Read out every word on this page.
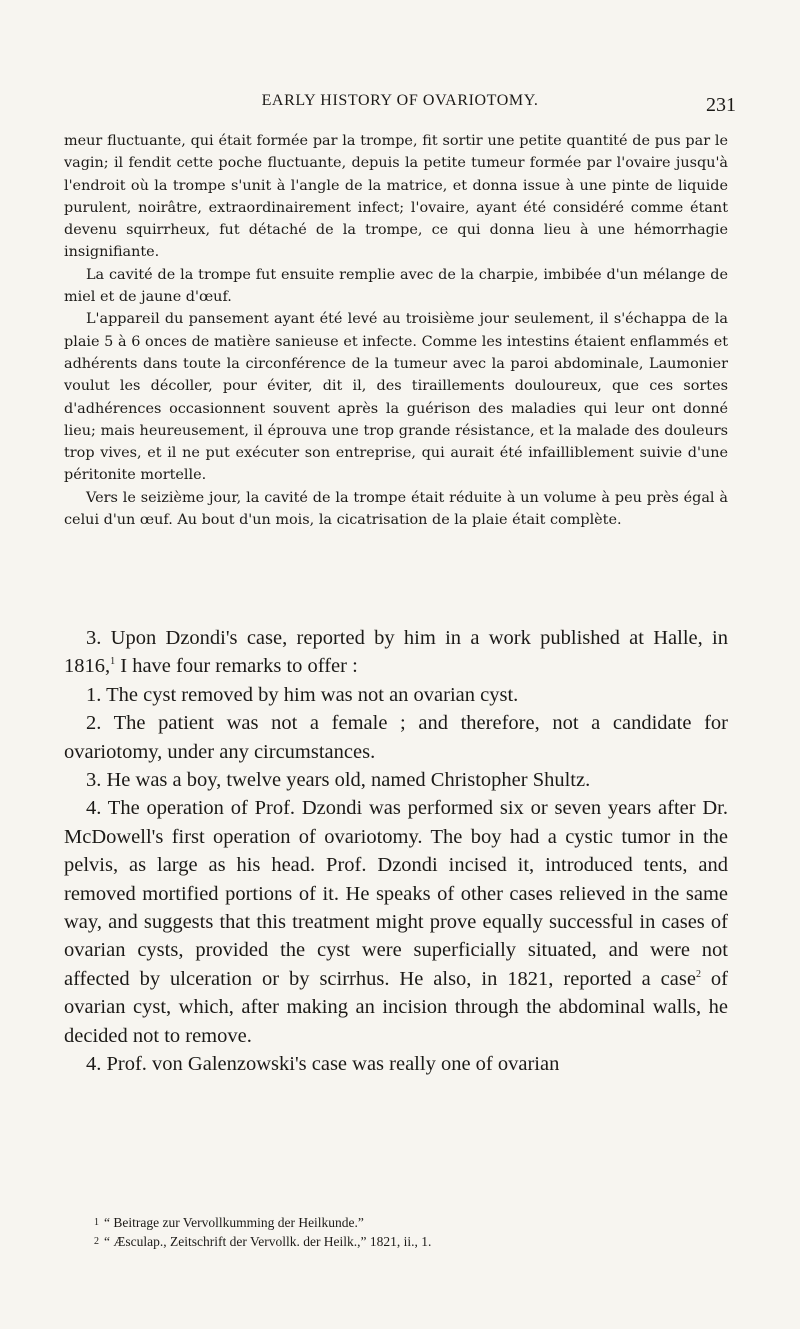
EARLY HISTORY OF OVARIOTOMY.	231

meur fluctuante, qui était formée par la trompe, fit sortir une petite quantité de pus par le vagin; il fendit cette poche fluctuante, depuis la petite tumeur formée par l'ovaire jusqu'à l'endroit où la trompe s'unit à l'angle de la matrice, et donna issue à une pinte de liquide purulent, noirâtre, extraordinairement infect; l'ovaire, ayant été considéré comme étant devenu squirrheux, fut détaché de la trompe, ce qui donna lieu à une hémorrhagie insignifiante.

La cavité de la trompe fut ensuite remplie avec de la charpie, imbibée d'un mélange de miel et de jaune d'œuf.

L'appareil du pansement ayant été levé au troisième jour seulement, il s'échappa de la plaie 5 à 6 onces de matière sanieuse et infecte. Comme les intestins étaient enflammés et adhérents dans toute la circonférence de la tumeur avec la paroi abdominale, Laumonier voulut les décoller, pour éviter, dit il, des tiraillements douloureux, que ces sortes d'adhérences occasionnent souvent après la guérison des maladies qui leur ont donné lieu; mais heureusement, il éprouva une trop grande résistance, et la malade des douleurs trop vives, et il ne put exécuter son entreprise, qui aurait été infailliblement suivie d'une péritonite mortelle.

Vers le seizième jour, la cavité de la trompe était réduite à un volume à peu près égal à celui d'un œuf. Au bout d'un mois, la cicatrisation de la plaie était complète.

3. Upon Dzondi's case, reported by him in a work published at Halle, in 1816,$^1$ I have four remarks to offer :

1. The cyst removed by him was not an ovarian cyst.

2. The patient was not a female ; and therefore, not a candidate for ovariotomy, under any circumstances.

3. He was a boy, twelve years old, named Christopher Shultz.

4. The operation of Prof. Dzondi was performed six or seven years after Dr. McDowell's first operation of ovariotomy. The boy had a cystic tumor in the pelvis, as large as his head. Prof. Dzondi incised it, introduced tents, and removed mortified portions of it. He speaks of other cases relieved in the same way, and suggests that this treatment might prove equally successful in cases of ovarian cysts, provided the cyst were superficially situated, and were not affected by ulceration or by scirrhus. He also, in 1821, reported a case$^2$ of ovarian cyst, which, after making an incision through the abdominal walls, he decided not to remove.

4. Prof. von Galenzowski's case was really one of ovarian

1 “ Beitrage zur Vervollkumming der Heilkunde.”

2 “ Æsculap., Zeitschrift der Vervollk. der Heilk.,” 1821, ii., 1.
